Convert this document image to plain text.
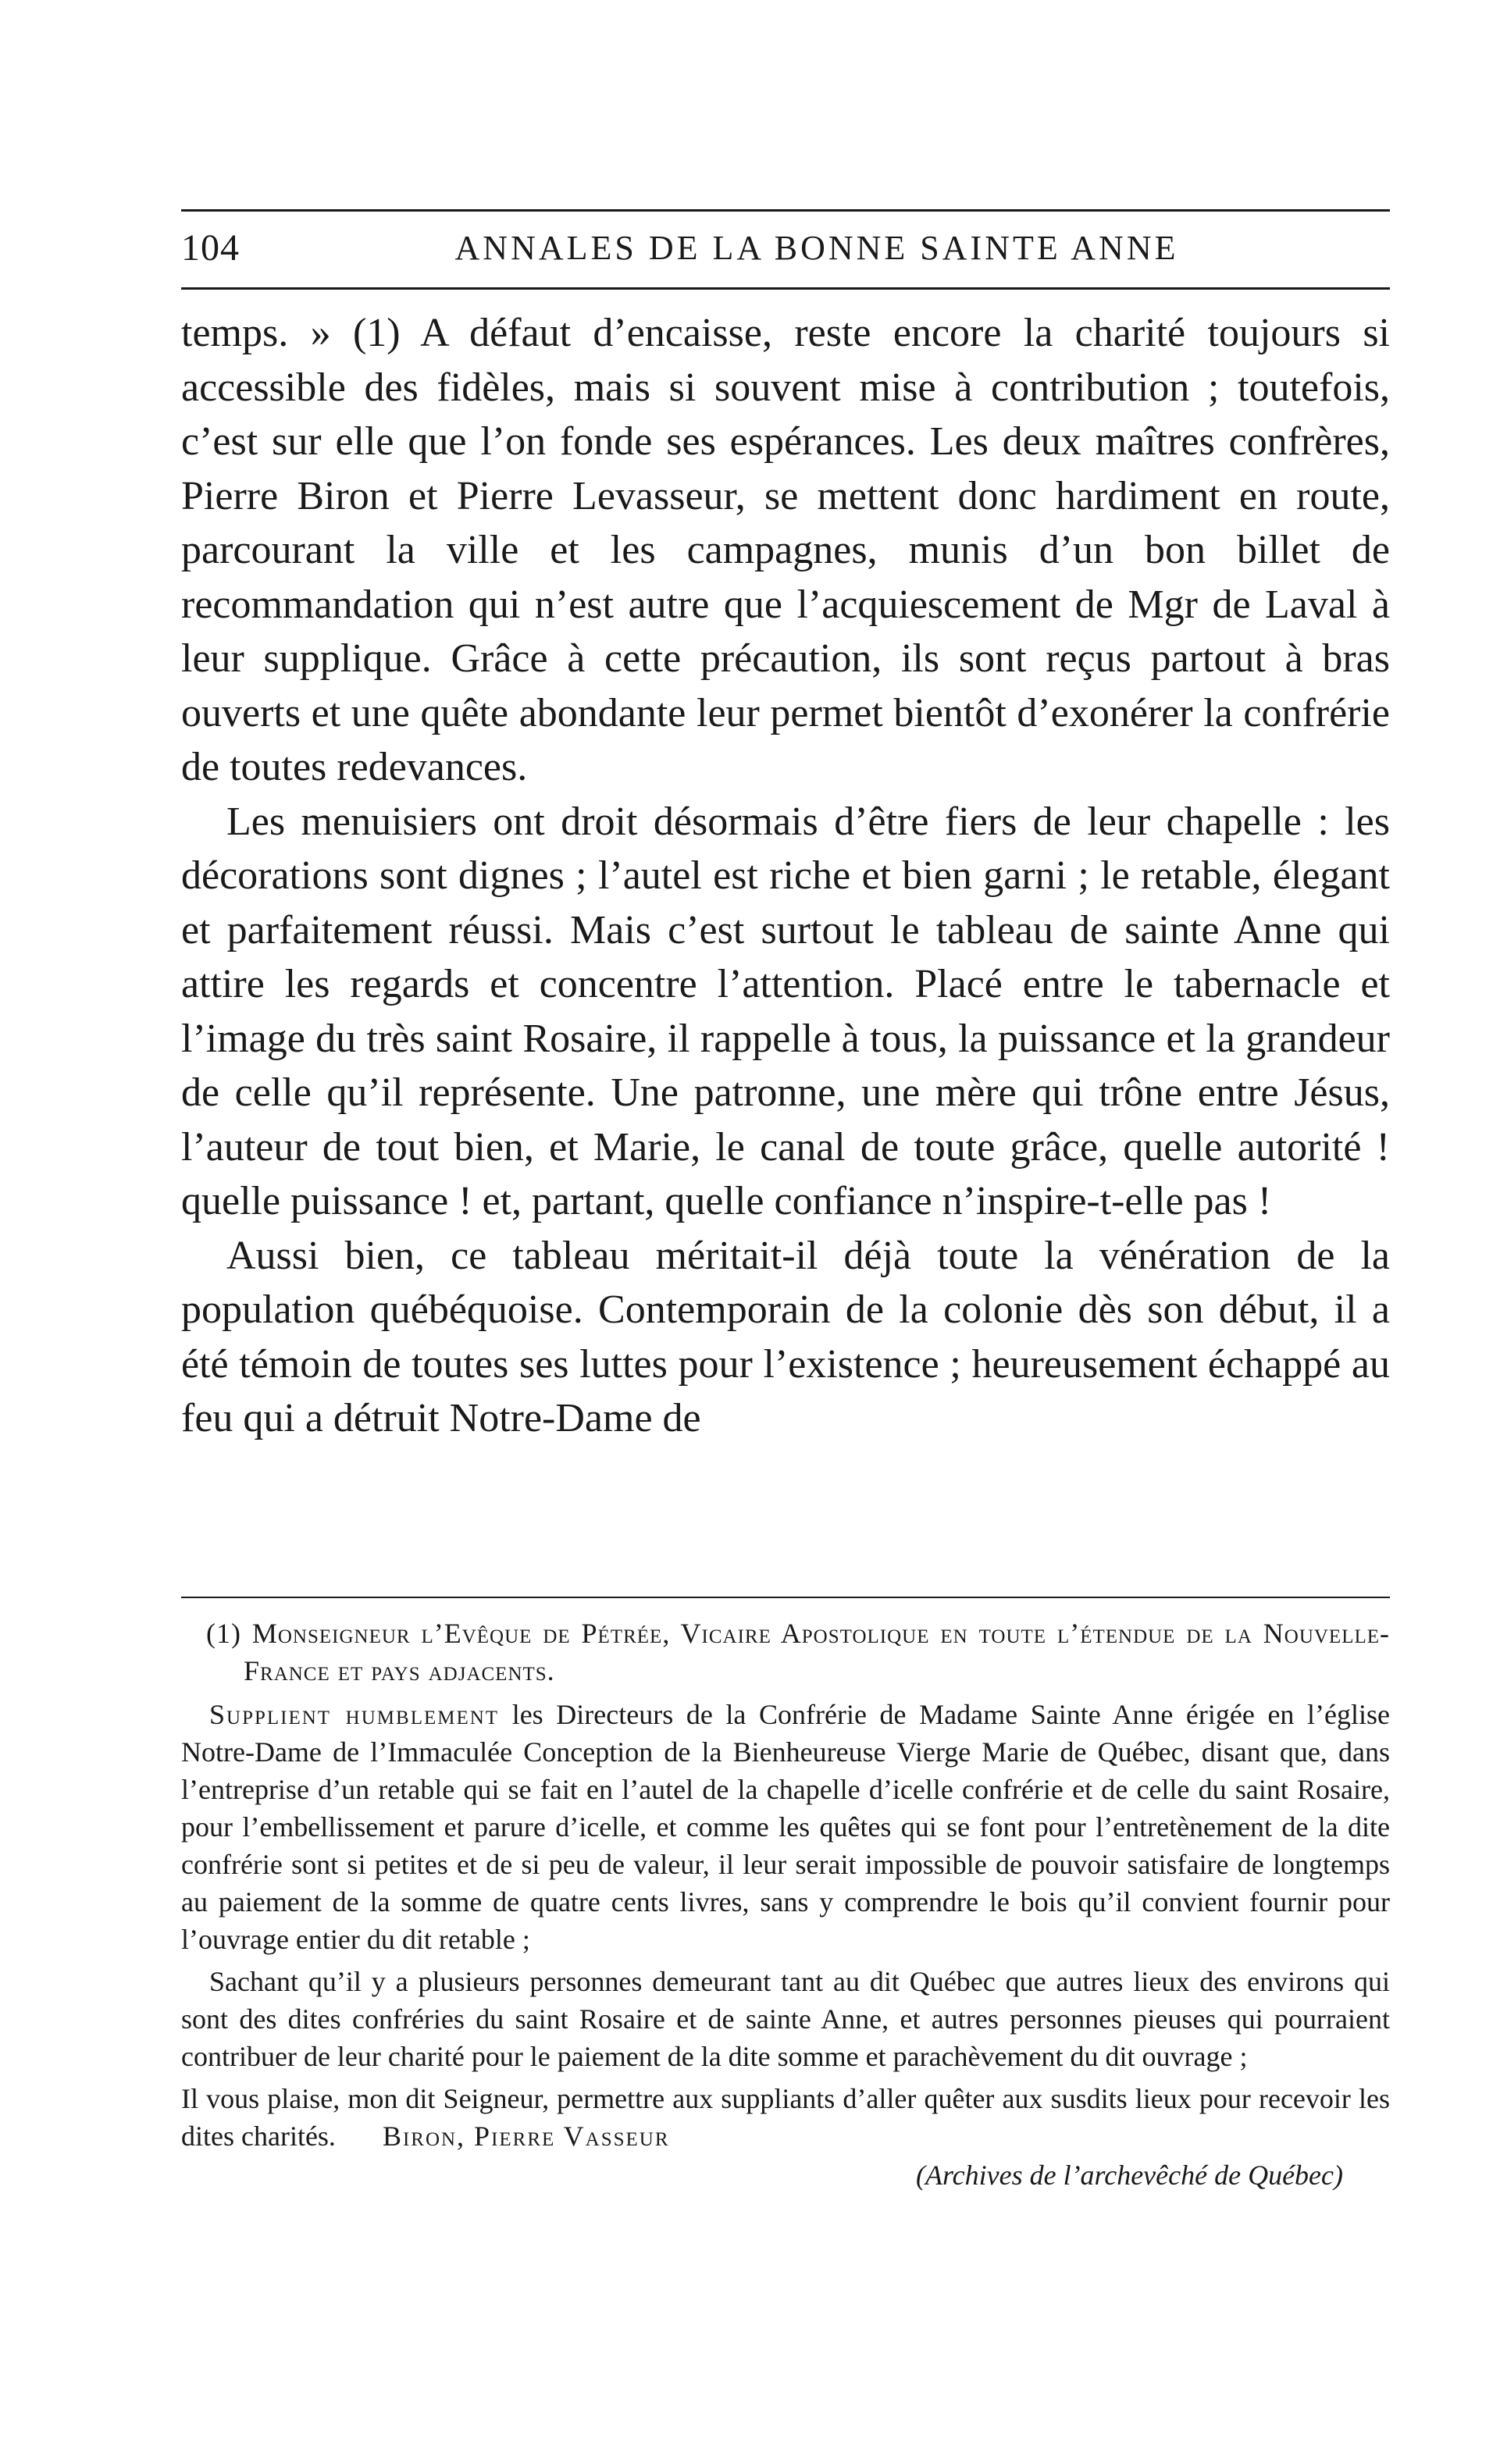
104	ANNALES DE LA BONNE SAINTE ANNE

temps. » (1) A défaut d’encaisse, reste encore la charité toujours si accessible des fidèles, mais si souvent mise à contribution ; toutefois, c’est sur elle que l’on fonde ses espérances. Les deux maîtres confrères, Pierre Biron et Pierre Levasseur, se mettent donc hardiment en route, parcourant la ville et les campagnes, munis d’un bon billet de recommandation qui n’est autre que l’acquiescement de Mgr de Laval à leur supplique. Grâce à cette précaution, ils sont reçus partout à bras ouverts et une quête abondante leur permet bientôt d’exonérer la confrérie de toutes redevances.

Les menuisiers ont droit désormais d’être fiers de leur chapelle : les décorations sont dignes ; l’autel est riche et bien garni ; le retable, élegant et parfaitement réussi. Mais c’est surtout le tableau de sainte Anne qui attire les regards et concentre l’attention. Placé entre le tabernacle et l’image du très saint Rosaire, il rappelle à tous, la puissance et la grandeur de celle qu’il représente. Une patronne, une mère qui trône entre Jésus, l’auteur de tout bien, et Marie, le canal de toute grâce, quelle autorité ! quelle puissance ! et, partant, quelle confiance n’inspire-t-elle pas !

Aussi bien, ce tableau méritait-il déjà toute la vénération de la population québéquoise. Contemporain de la colonie dès son début, il a été témoin de toutes ses luttes pour l’existence ; heureusement échappé au feu qui a détruit Notre-Dame de

(1) Monseigneur l’Evêque de Pétrée, Vicaire Apostolique en toute l’étendue de la Nouvelle-France et pays adjacents.

Supplient humblement les Directeurs de la Confrérie de Madame Sainte Anne érigée en l’église Notre-Dame de l’Immaculée Conception de la Bienheureuse Vierge Marie de Québec, disant que, dans l’entreprise d’un retable qui se fait en l’autel de la chapelle d’icelle confrérie et de celle du saint Rosaire, pour l’embellissement et parure d’icelle, et comme les quêtes qui se font pour l’entretènement de la dite confrérie sont si petites et de si peu de valeur, il leur serait impossible de pouvoir satisfaire de longtemps au paiement de la somme de quatre cents livres, sans y comprendre le bois qu’il convient fournir pour l’ouvrage entier du dit retable ;

Sachant qu’il y a plusieurs personnes demeurant tant au dit Québec que autres lieux des environs qui sont des dites confréries du saint Rosaire et de sainte Anne, et autres personnes pieuses qui pourraient contribuer de leur charité pour le paiement de la dite somme et parachèvement du dit ouvrage ;

Il vous plaise, mon dit Seigneur, permettre aux suppliants d’aller quêter aux susdits lieux pour recevoir les dites charités. Biron, Pierre Vasseur

(Archives de l’archevêché de Québec)
